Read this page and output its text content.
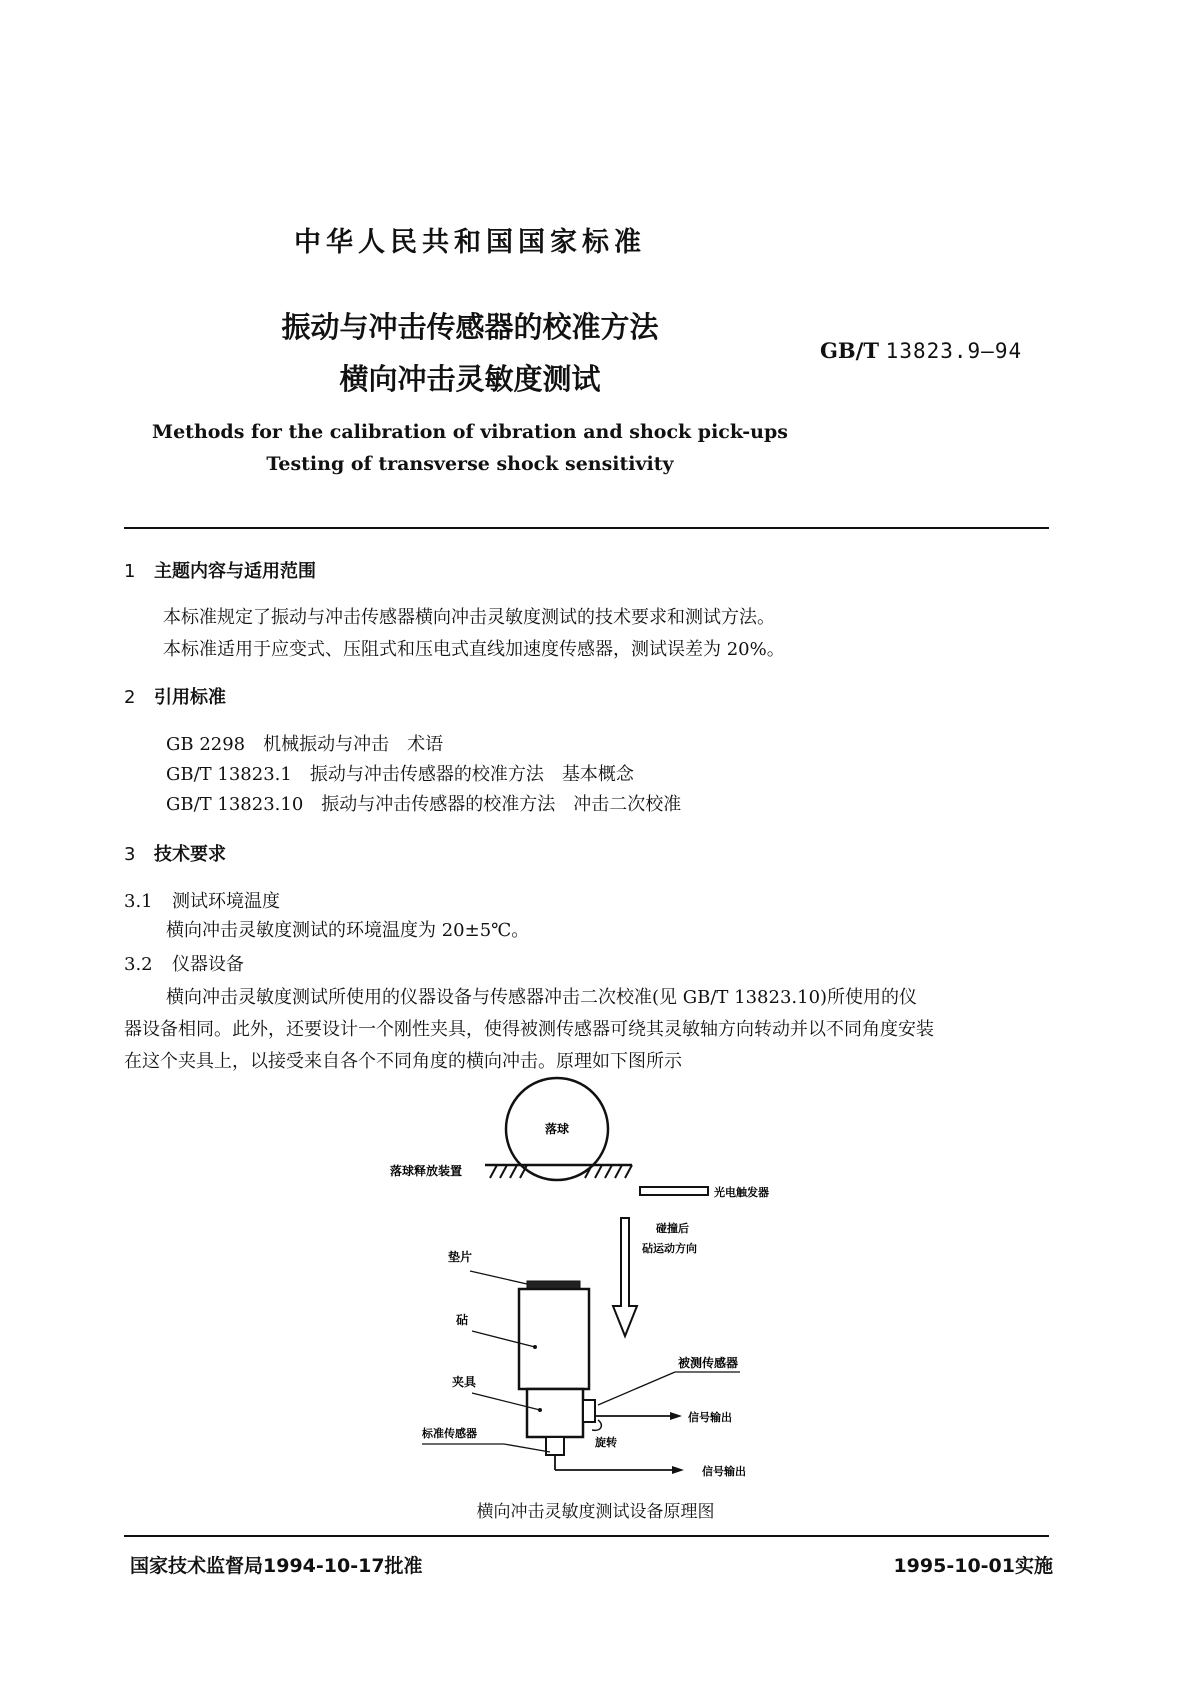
中华人民共和国国家标准
振动与冲击传感器的校准方法
横向冲击灵敏度测试
GB/T 13823.9—94
Methods for the calibration of vibration and shock pick-ups
Testing of transverse shock sensitivity
1 主题内容与适用范围
本标准规定了振动与冲击传感器横向冲击灵敏度测试的技术要求和测试方法。
本标准适用于应变式、压阻式和压电式直线加速度传感器，测试误差为 20%。
2 引用标准
GB 2298 机械振动与冲击　术语
GB/T 13823.1 振动与冲击传感器的校准方法　基本概念
GB/T 13823.10 振动与冲击传感器的校准方法　冲击二次校准
3 技术要求
3.1 测试环境温度
横向冲击灵敏度测试的环境温度为 20±5℃。
3.2 仪器设备
横向冲击灵敏度测试所使用的仪器设备与传感器冲击二次校准(见 GB/T 13823.10)所使用的仪
器设备相同。此外，还要设计一个刚性夹具，使得被测传感器可绕其灵敏轴方向转动并以不同角度安装
在这个夹具上，以接受来自各个不同角度的横向冲击。原理如下图所示
落球
落球释放装置
光电触发器
碰撞后
砧运动方向
垫片
砧
夹具
被测传感器
信号输出
旋转
标准传感器
信号输出
横向冲击灵敏度测试设备原理图
国家技术监督局1994-10-17批准	1995-10-01实施
